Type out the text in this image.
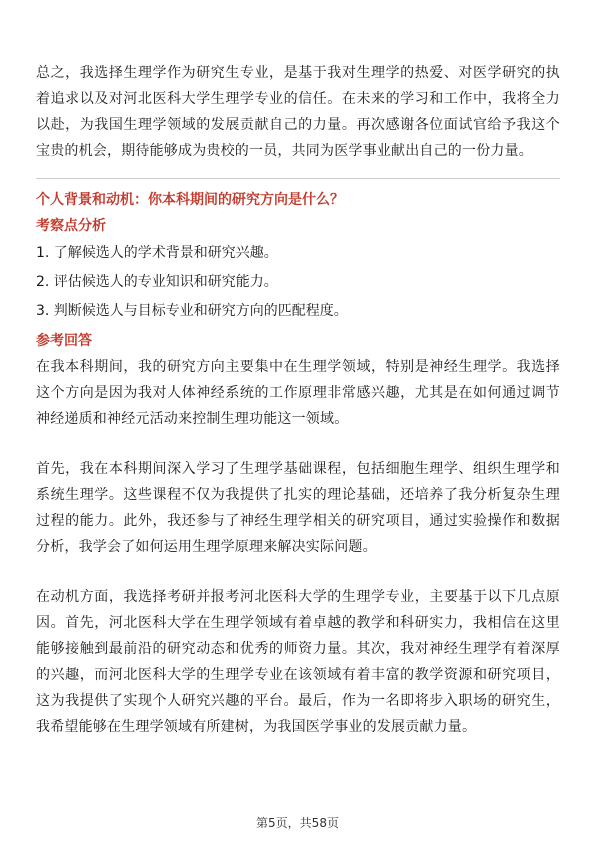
总之，我选择生理学作为研究生专业，是基于我对生理学的热爱、对医学研究的执着追求以及对河北医科大学生理学专业的信任。在未来的学习和工作中，我将全力以赴，为我国生理学领域的发展贡献自己的力量。再次感谢各位面试官给予我这个宝贵的机会，期待能够成为贵校的一员，共同为医学事业献出自己的一份力量。

个人背景和动机：你本科期间的研究方向是什么？

考察点分析

1. 了解候选人的学术背景和研究兴趣。
2. 评估候选人的专业知识和研究能力。
3. 判断候选人与目标专业和研究方向的匹配程度。

参考回答

在我本科期间，我的研究方向主要集中在生理学领域，特别是神经生理学。我选择这个方向是因为我对人体神经系统的工作原理非常感兴趣，尤其是在如何通过调节神经递质和神经元活动来控制生理功能这一领域。

首先，我在本科期间深入学习了生理学基础课程，包括细胞生理学、组织生理学和系统生理学。这些课程不仅为我提供了扎实的理论基础，还培养了我分析复杂生理过程的能力。此外，我还参与了神经生理学相关的研究项目，通过实验操作和数据分析，我学会了如何运用生理学原理来解决实际问题。

在动机方面，我选择考研并报考河北医科大学的生理学专业，主要基于以下几点原因。首先，河北医科大学在生理学领域有着卓越的教学和科研实力，我相信在这里能够接触到最前沿的研究动态和优秀的师资力量。其次，我对神经生理学有着深厚的兴趣，而河北医科大学的生理学专业在该领域有着丰富的教学资源和研究项目，这为我提供了实现个人研究兴趣的平台。最后，作为一名即将步入职场的研究生，我希望能够在生理学领域有所建树，为我国医学事业的发展贡献力量。

第5页，共58页
